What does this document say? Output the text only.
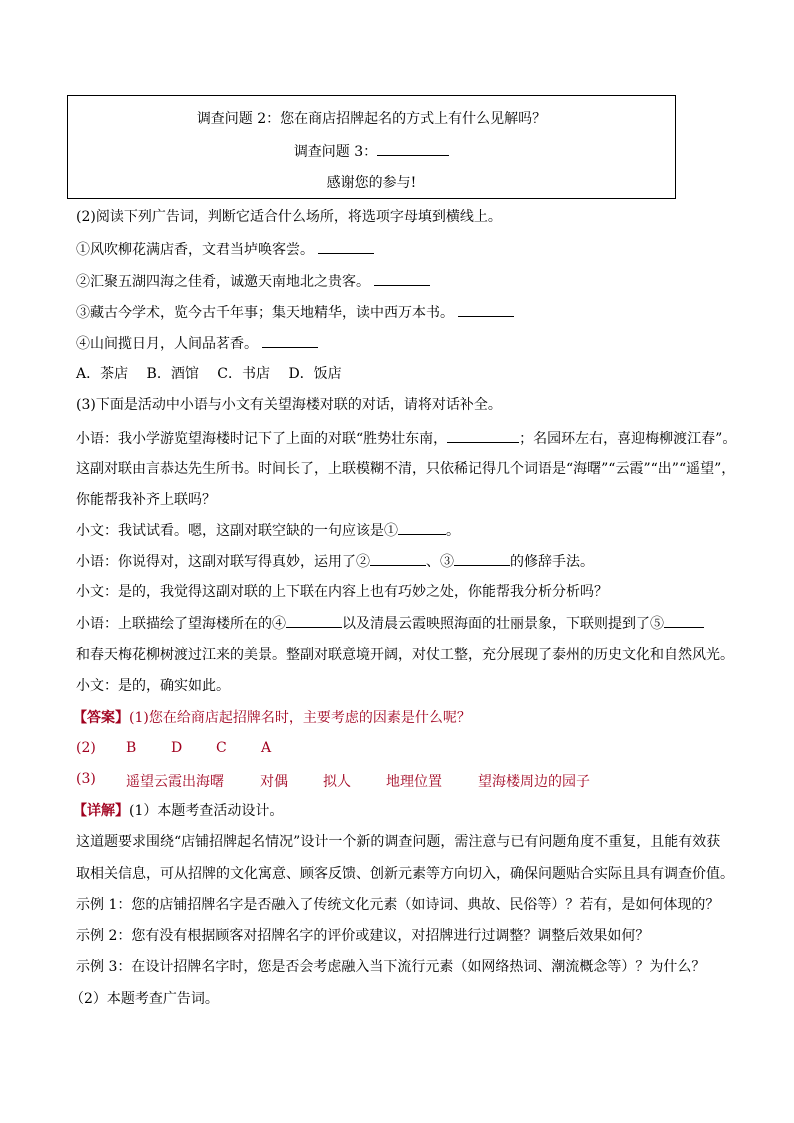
调查问题 2：您在商店招牌起名的方式上有什么见解吗？
调查问题 3：
感谢您的参与!
(2)阅读下列广告词，判断它适合什么场所，将选项字母填到横线上。
①风吹柳花满店香，文君当垆唤客尝。
②汇聚五湖四海之佳肴，诚邀天南地北之贵客。
③藏古今学术，览今古千年事；集天地精华，读中西万本书。
④山间揽日月，人间品茗香。
A．茶店　 B．酒馆　 C．书店　 D．饭店
(3)下面是活动中小语与小文有关望海楼对联的对话，请将对话补全。
小语：我小学游览望海楼时记下了上面的对联“胜势壮东南，	；名园环左右，喜迎梅柳渡江春”。
这副对联由言恭达先生所书。时间长了，上联模糊不清，只依稀记得几个词语是“海曙”“云霞”“出”“遥望”，
你能帮我补齐上联吗？
小文：我试试看。嗯，这副对联空缺的一句应该是①	。
小语：你说得对，这副对联写得真妙，运用了②	、③	的修辞手法。
小文：是的，我觉得这副对联的上下联在内容上也有巧妙之处，你能帮我分析分析吗？
小语：上联描绘了望海楼所在的④	以及清晨云霞映照海面的壮丽景象，下联则提到了⑤
和春天梅花柳树渡过江来的美景。整副对联意境开阔，对仗工整，充分展现了泰州的历史文化和自然风光。
小文：是的，确实如此。
【答案】(1)您在给商店起招牌名时，主要考虑的因素是什么呢？
(2) B D C A
(3) 遥望云霞出海曙	对偶	拟人	地理位置	望海楼周边的园子
【详解】(1）本题考查活动设计。
这道题要求围绕“店铺招牌起名情况”设计一个新的调查问题，需注意与已有问题角度不重复，且能有效获
取相关信息，可从招牌的文化寓意、顾客反馈、创新元素等方向切入，确保问题贴合实际且具有调查价值。
示例 1：您的店铺招牌名字是否融入了传统文化元素（如诗词、典故、民俗等）？若有，是如何体现的？
示例 2：您有没有根据顾客对招牌名字的评价或建议，对招牌进行过调整？调整后效果如何？
示例 3：在设计招牌名字时，您是否会考虑融入当下流行元素（如网络热词、潮流概念等）？为什么？
（2）本题考查广告词。
